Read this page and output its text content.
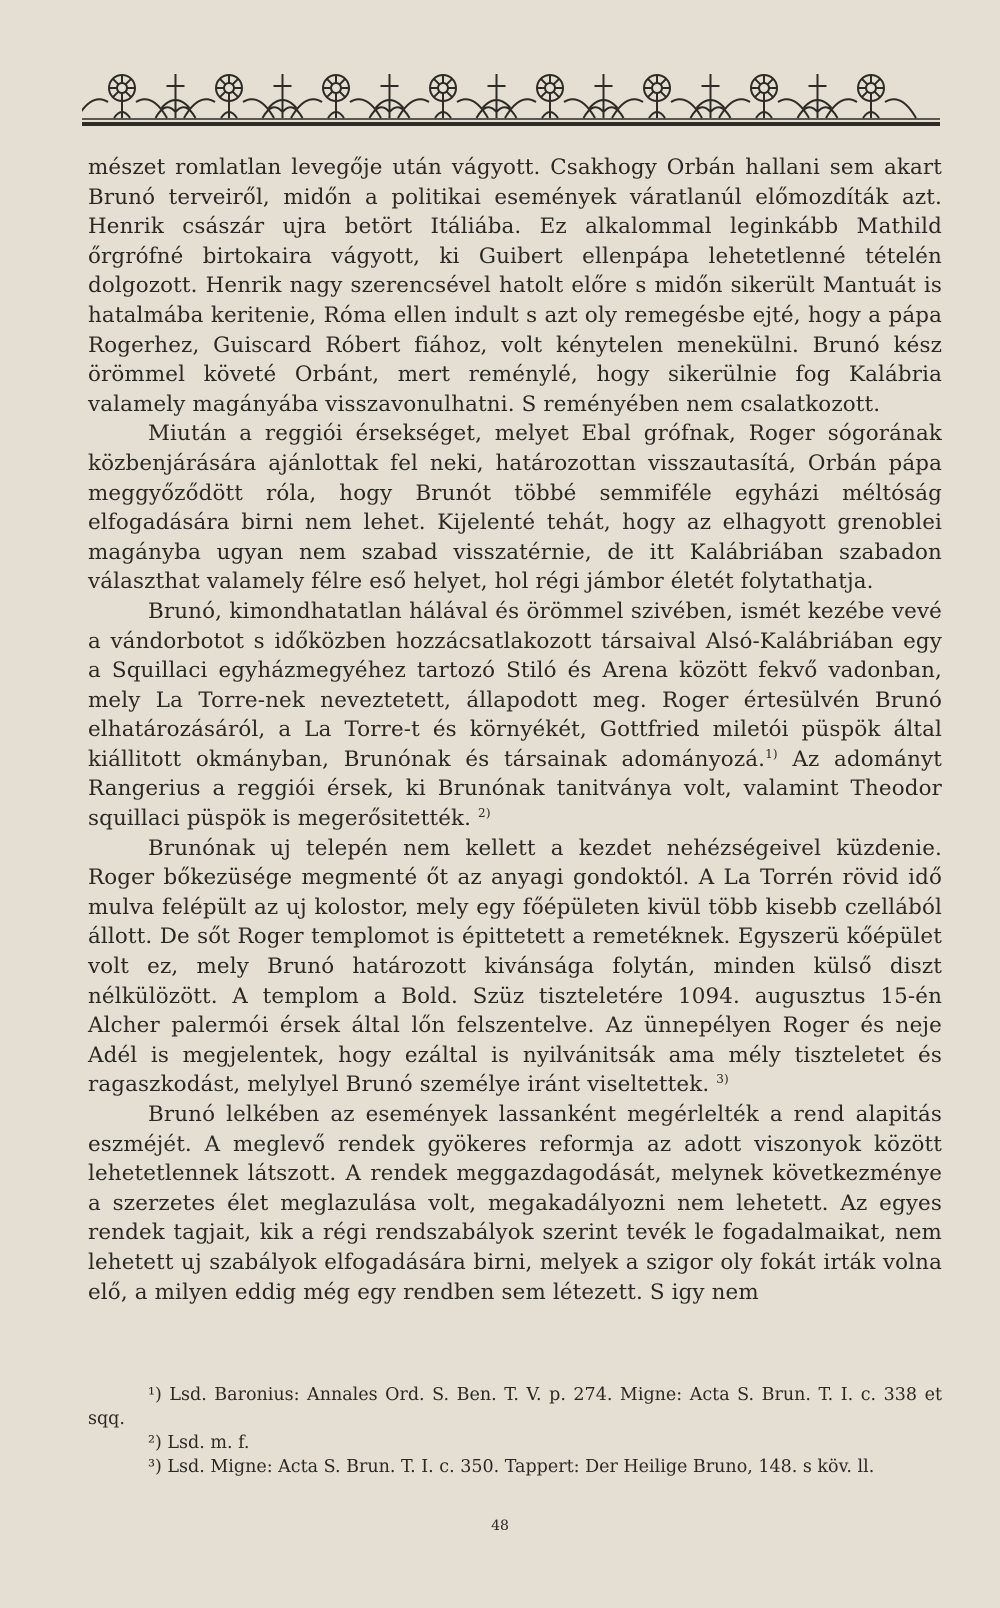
mészet romlatlan levegője után vágyott. Csakhogy Orbán hallani sem akart Brunó terveiről, midőn a politikai események váratlanúl előmozdíták azt. Henrik császár ujra betört Itáliába. Ez alkalommal leginkább Mathild őrgrófné birtokaira vágyott, ki Guibert ellenpápa lehetetlenné tételén dolgozott. Henrik nagy szerencsével hatolt előre s midőn sikerült Mantuát is hatalmába keritenie, Róma ellen indult s azt oly remegésbe ejté, hogy a pápa Rogerhez, Guiscard Róbert fiához, volt kénytelen menekülni. Brunó kész örömmel követé Orbánt, mert reménylé, hogy sikerülnie fog Kalábria valamely magányába visszavonulhatni. S reményében nem csalatkozott.

Miután a reggiói érsekséget, melyet Ebal grófnak, Roger sógorának közbenjárására ajánlottak fel neki, határozottan visszautasítá, Orbán pápa meggyőződött róla, hogy Brunót többé semmiféle egyházi méltóság elfogadására birni nem lehet. Kijelenté tehát, hogy az elhagyott grenoblei magányba ugyan nem szabad visszatérnie, de itt Kalábriában szabadon választhat valamely félre eső helyet, hol régi jámbor életét folytathatja.

Brunó, kimondhatatlan hálával és örömmel szivében, ismét kezébe vevé a vándorbotot s időközben hozzácsatlakozott társaival Alsó-Kalábriában egy a Squillaci egyházmegyéhez tartozó Stiló és Arena között fekvő vadonban, mely La Torre-nek neveztetett, állapodott meg. Roger értesülvén Brunó elhatározásáról, a La Torre-t és környékét, Gottfried miletói püspök által kiállitott okmányban, Brunónak és társainak adományozá.$^{1)}$ Az adományt Rangerius a reggiói érsek, ki Brunónak tanitványa volt, valamint Theodor squillaci püspök is megerősitették. $^{2)}$

Brunónak uj telepén nem kellett a kezdet nehézségeivel küzdenie. Roger bőkezüsége megmenté őt az anyagi gondoktól. A La Torrén rövid idő mulva felépült az uj kolostor, mely egy főépületen kivül több kisebb czellából állott. De sőt Roger templomot is épittetett a remetéknek. Egyszerü kőépület volt ez, mely Brunó határozott kivánsága folytán, minden külső diszt nélkülözött. A templom a Bold. Szüz tiszteletére 1094. augusztus 15-én Alcher palermói érsek által lőn felszentelve. Az ünnepélyen Roger és neje Adél is megjelentek, hogy ezáltal is nyilvánitsák ama mély tiszteletet és ragaszkodást, melylyel Brunó személye iránt viseltettek. $^{3)}$

Brunó lelkében az események lassanként megérlelték a rend alapitás eszméjét. A meglevő rendek gyökeres reformja az adott viszonyok között lehetetlennek látszott. A rendek meggazdagodását, melynek következménye a szerzetes élet meglazulása volt, megakadályozni nem lehetett. Az egyes rendek tagjait, kik a régi rendszabályok szerint tevék le fogadalmaikat, nem lehetett uj szabályok elfogadására birni, melyek a szigor oly fokát irták volna elő, a milyen eddig még egy rendben sem létezett. S igy nem

¹) Lsd. Baronius: Annales Ord. S. Ben. T. V. p. 274. Migne: Acta S. Brun. T. I. c. 338 et sqq.
²) Lsd. m. f.
³) Lsd. Migne: Acta S. Brun. T. I. c. 350. Tappert: Der Heilige Bruno, 148. s köv. ll.
48
